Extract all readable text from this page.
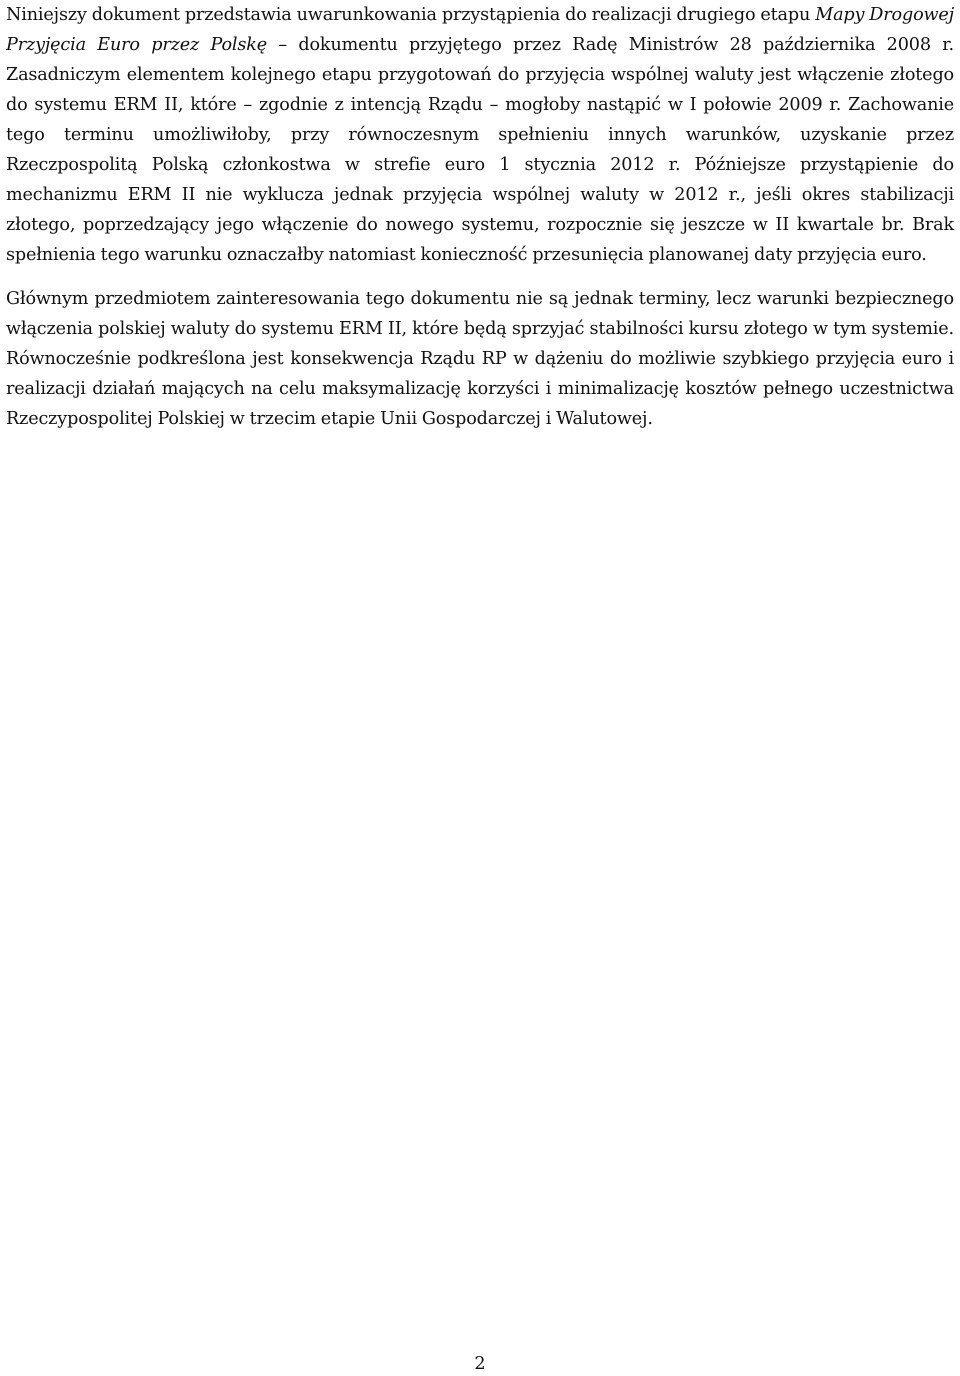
Niniejszy dokument przedstawia uwarunkowania przystąpienia do realizacji drugiego etapu Mapy Drogowej Przyjęcia Euro przez Polskę – dokumentu przyjętego przez Radę Ministrów 28 października 2008 r. Zasadniczym elementem kolejnego etapu przygotowań do przyjęcia wspólnej waluty jest włączenie złotego do systemu ERM II, które – zgodnie z intencją Rządu – mogłoby nastąpić w I połowie 2009 r. Zachowanie tego terminu umożliwiłoby, przy równoczesnym spełnieniu innych warunków, uzyskanie przez Rzeczpospolitą Polską członkostwa w strefie euro 1 stycznia 2012 r. Późniejsze przystąpienie do mechanizmu ERM II nie wyklucza jednak przyjęcia wspólnej waluty w 2012 r., jeśli okres stabilizacji złotego, poprzedzający jego włączenie do nowego systemu, rozpocznie się jeszcze w II kwartale br. Brak spełnienia tego warunku oznaczałby natomiast konieczność przesunięcia planowanej daty przyjęcia euro.

Głównym przedmiotem zainteresowania tego dokumentu nie są jednak terminy, lecz warunki bezpiecznego włączenia polskiej waluty do systemu ERM II, które będą sprzyjać stabilności kursu złotego w tym systemie. Równocześnie podkreślona jest konsekwencja Rządu RP w dążeniu do możliwie szybkiego przyjęcia euro i realizacji działań mających na celu maksymalizację korzyści i minimalizację kosztów pełnego uczestnictwa Rzeczypospolitej Polskiej w trzecim etapie Unii Gospodarczej i Walutowej.

2
